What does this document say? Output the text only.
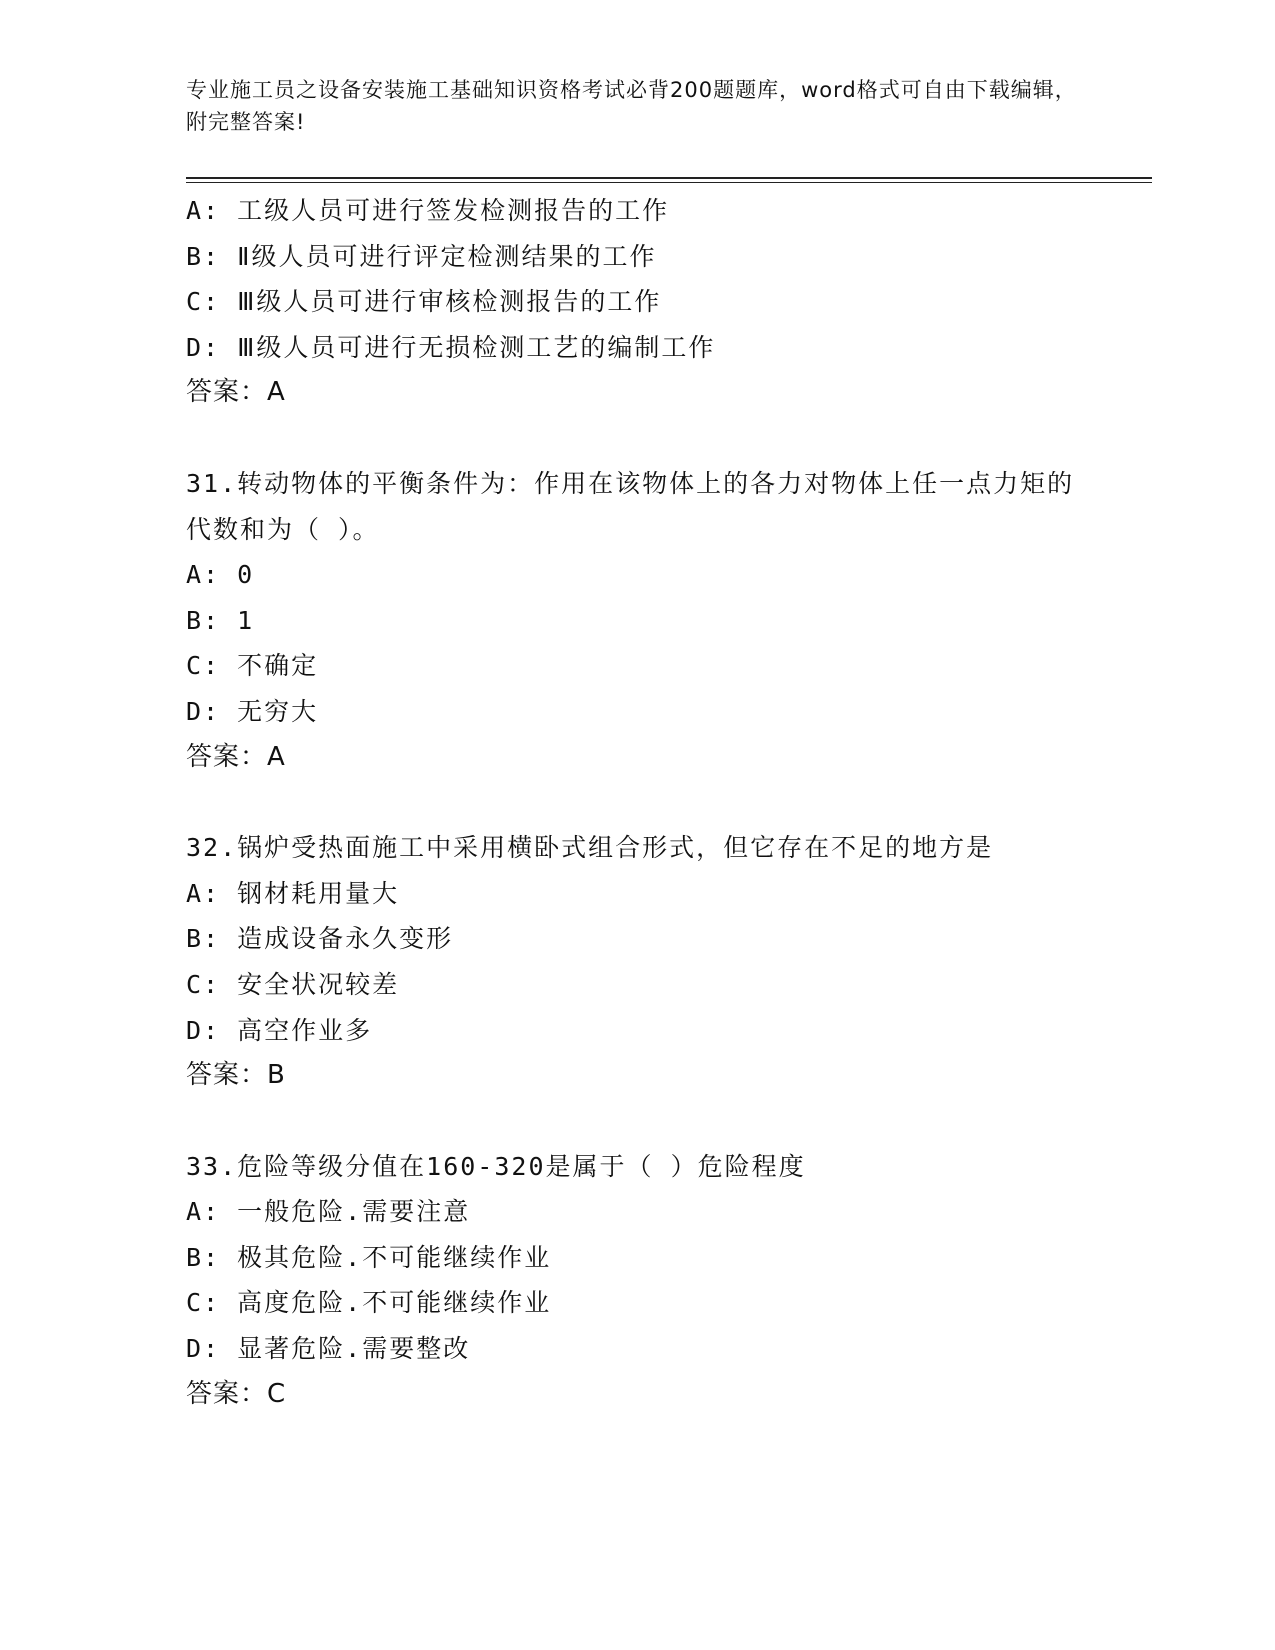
专业施工员之设备安装施工基础知识资格考试必背200题题库，word格式可自由下载编辑，附完整答案!
A: 工级人员可进行签发检测报告的工作
B: Ⅱ级人员可进行评定检测结果的工作
C: Ⅲ级人员可进行审核检测报告的工作
D: Ⅲ级人员可进行无损检测工艺的编制工作
答案：A
31.转动物体的平衡条件为：作用在该物体上的各力对物体上任一点力矩的代数和为（ ）。
A: 0
B: 1
C: 不确定
D: 无穷大
答案：A
32.锅炉受热面施工中采用横卧式组合形式，但它存在不足的地方是
A: 钢材耗用量大
B: 造成设备永久变形
C: 安全状况较差
D: 高空作业多
答案：B
33.危险等级分值在160-320是属于（ ）危险程度
A: 一般危险.需要注意
B: 极其危险.不可能继续作业
C: 高度危险.不可能继续作业
D: 显著危险.需要整改
答案：C
